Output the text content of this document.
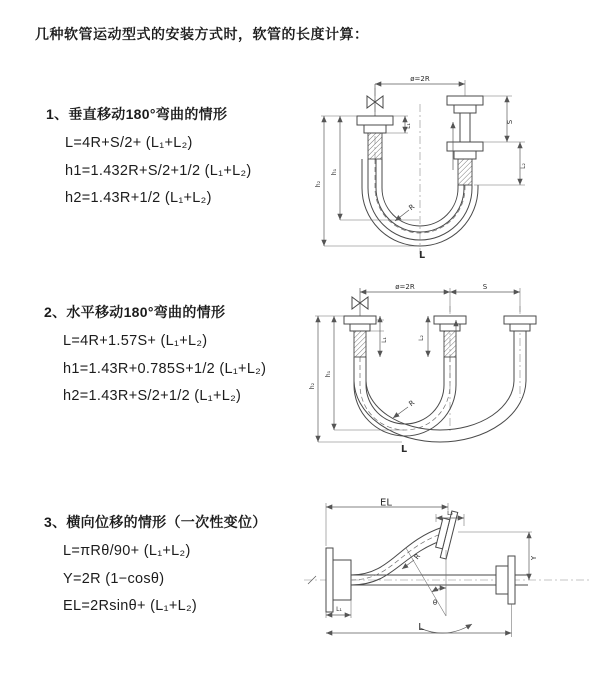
几种软管运动型式的安装方式时，软管的长度计算：
1、垂直移动180°弯曲的情形
L=4R+S/2+ (L₁+L₂)
h1=1.432R+S/2+1/2 (L₁+L₂)
h2=1.43R+1/2 (L₁+L₂)
ø=2R
S
L₂
L₁
h₁
h₂
R
L
2、水平移动180°弯曲的情形
L=4R+1.57S+ (L₁+L₂)
h1=1.43R+0.785S+1/2 (L₁+L₂)
h2=1.43R+S/2+1/2 (L₁+L₂)
ø=2R	S
L₁	L₂
h₁
h₂
R
L
3、横向位移的情形（一次性变位）
L=πRθ/90+ (L₁+L₂)
Y=2R (1−cosθ)
EL=2Rsinθ+ (L₁+L₂)
EL
L₂
Y
θ
R
L₁
L
